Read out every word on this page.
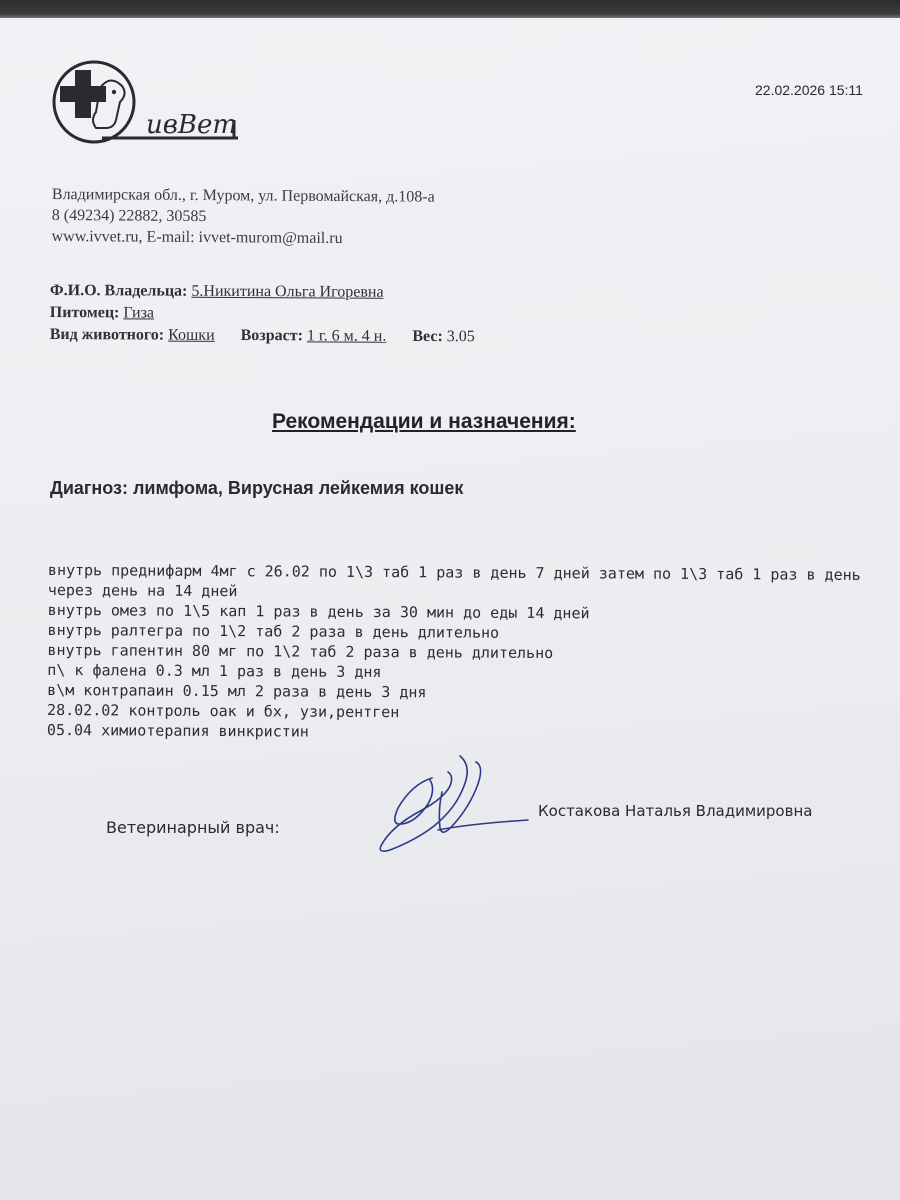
ивВет
22.02.2026 15:11
Владимирская обл., г. Муром, ул. Первомайская, д.108-а
8 (49234) 22882, 30585
www.ivvet.ru, E-mail: ivvet-murom@mail.ru
Ф.И.О. Владельца: 5.Никитина Ольга Игоревна
Питомец: Гиза
Вид животного: Кошки Возраст: 1 г. 6 м. 4 н. Вес: 3.05
Рекомендации и назначения:
Диагноз: лимфома, Вирусная лейкемия кошек

внутрь преднифарм 4мг с 26.02 по 1\3 таб 1 раз в день 7 дней затем по 1\3 таб 1 раз в день через день на 14 дней

внутрь омез по 1\5 кап 1 раз в день за 30 мин до еды 14 дней

внутрь ралтегра по 1\2 таб 2 раза в день длительно

внутрь гапентин 80 мг по 1\2 таб 2 раза в день длительно

п\ к фалена 0.3 мл 1 раз в день 3 дня

в\м контрапаин 0.15 мл 2 раза в день 3 дня

28.02.02 контроль оак и бх, узи,рентген

05.04 химиотерапия винкристин

Ветеринарный врач:
Костакова Наталья Владимировна
